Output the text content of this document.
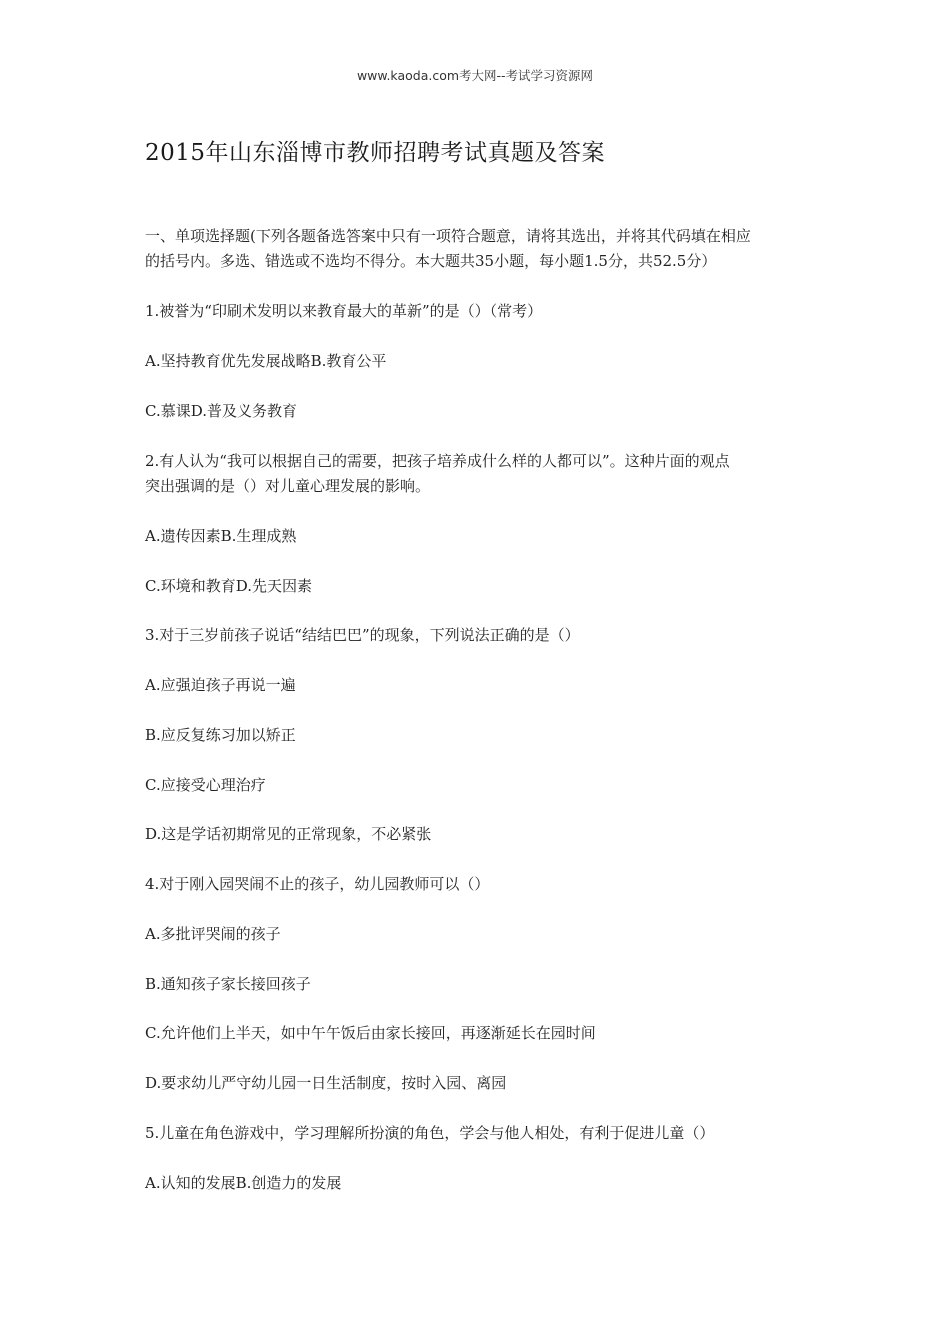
www.kaoda.com考大网--考试学习资源网
2015年山东淄博市教师招聘考试真题及答案
一、单项选择题(下列各题备选答案中只有一项符合题意，请将其选出，并将其代码填在相应
的括号内。多选、错选或不选均不得分。本大题共35小题，每小题1.5分，共52.5分）
1.被誉为“印刷术发明以来教育最大的革新”的是（）（常考）
A.坚持教育优先发展战略B.教育公平
C.慕课D.普及义务教育
2.有人认为“我可以根据自己的需要，把孩子培养成什么样的人都可以”。这种片面的观点
突出强调的是（）对儿童心理发展的影响。
A.遗传因素B.生理成熟
C.环境和教育D.先天因素
3.对于三岁前孩子说话“结结巴巴”的现象，下列说法正确的是（）
A.应强迫孩子再说一遍
B.应反复练习加以矫正
C.应接受心理治疗
D.这是学话初期常见的正常现象，不必紧张
4.对于刚入园哭闹不止的孩子，幼儿园教师可以（）
A.多批评哭闹的孩子
B.通知孩子家长接回孩子
C.允许他们上半天，如中午午饭后由家长接回，再逐渐延长在园时间
D.要求幼儿严守幼儿园一日生活制度，按时入园、离园
5.儿童在角色游戏中，学习理解所扮演的角色，学会与他人相处，有利于促进儿童（）
A.认知的发展B.创造力的发展
